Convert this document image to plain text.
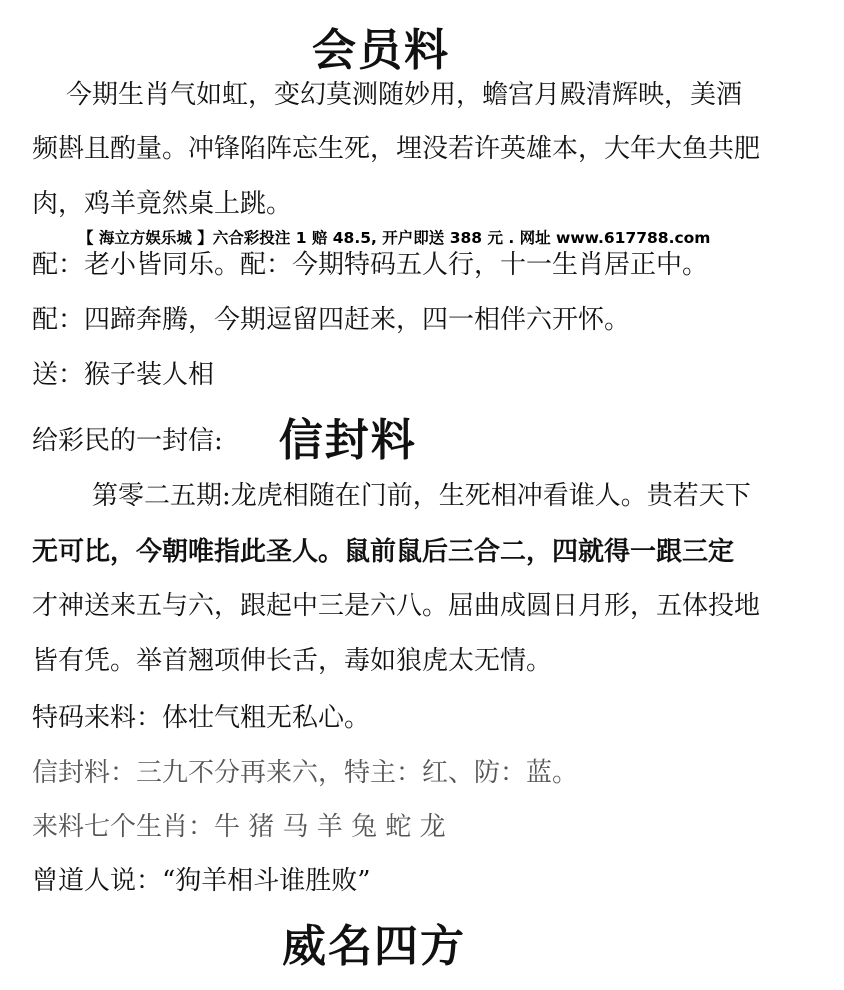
会员料
今期生肖气如虹，变幻莫测随妙用，蟾宫月殿清辉映，美酒
频斟且酌量。冲锋陷阵忘生死，埋没若许英雄本，大年大鱼共肥
肉，鸡羊竟然桌上跳。
【 海立方娱乐城 】六合彩投注 1 赔 48.5, 开户即送 388 元 . 网址 www.617788.com
配：老小皆同乐。配：今期特码五人行，十一生肖居正中。
配：四蹄奔腾，今期逗留四赶来，四一相伴六开怀。
送：猴子装人相
给彩民的一封信: 信封料
第零二五期:龙虎相随在门前，生死相冲看谁人。贵若天下
无可比，今朝唯指此圣人。鼠前鼠后三合二，四就得一跟三定
才神送来五与六，跟起中三是六八。屈曲成圆日月形，五体投地
皆有凭。举首翘项伸长舌，毒如狼虎太无情。
特码来料：体壮气粗无私心。
信封料：三九不分再来六，特主：红、防：蓝。
来料七个生肖：牛 猪 马 羊 兔 蛇 龙
曾道人说：“狗羊相斗谁胜败”
威名四方
